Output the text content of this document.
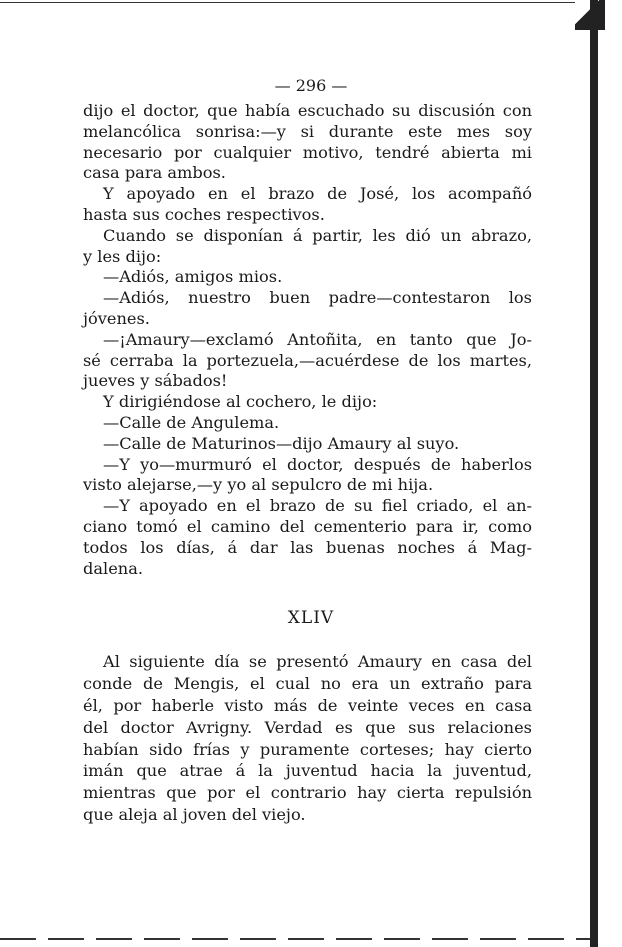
— 296 —
dijo el doctor, que había escuchado su discusión con
melancólica sonrisa:—y si durante este mes soy
necesario por cualquier motivo, tendré abierta mi
casa para ambos.
Y apoyado en el brazo de José, los acompañó
hasta sus coches respectivos.
Cuando se disponían á partir, les dió un abrazo,
y les dijo:
—Adiós, amigos mios.
—Adiós, nuestro buen padre—contestaron los
jóvenes.
—¡Amaury—exclamó Antoñita, en tanto que Jo-
sé cerraba la portezuela,—acuérdese de los martes,
jueves y sábados!
Y dirigiéndose al cochero, le dijo:
—Calle de Angulema.
—Calle de Maturinos—dijo Amaury al suyo.
—Y yo—murmuró el doctor, después de haberlos
visto alejarse,—y yo al sepulcro de mi hija.
—Y apoyado en el brazo de su fiel criado, el an-
ciano tomó el camino del cementerio para ir, como
todos los días, á dar las buenas noches á Mag-
dalena.
XLIV
Al siguiente día se presentó Amaury en casa del
conde de Mengis, el cual no era un extraño para
él, por haberle visto más de veinte veces en casa
del doctor Avrigny. Verdad es que sus relaciones
habían sido frías y puramente corteses; hay cierto
imán que atrae á la juventud hacia la juventud,
mientras que por el contrario hay cierta repulsión
que aleja al joven del viejo.
